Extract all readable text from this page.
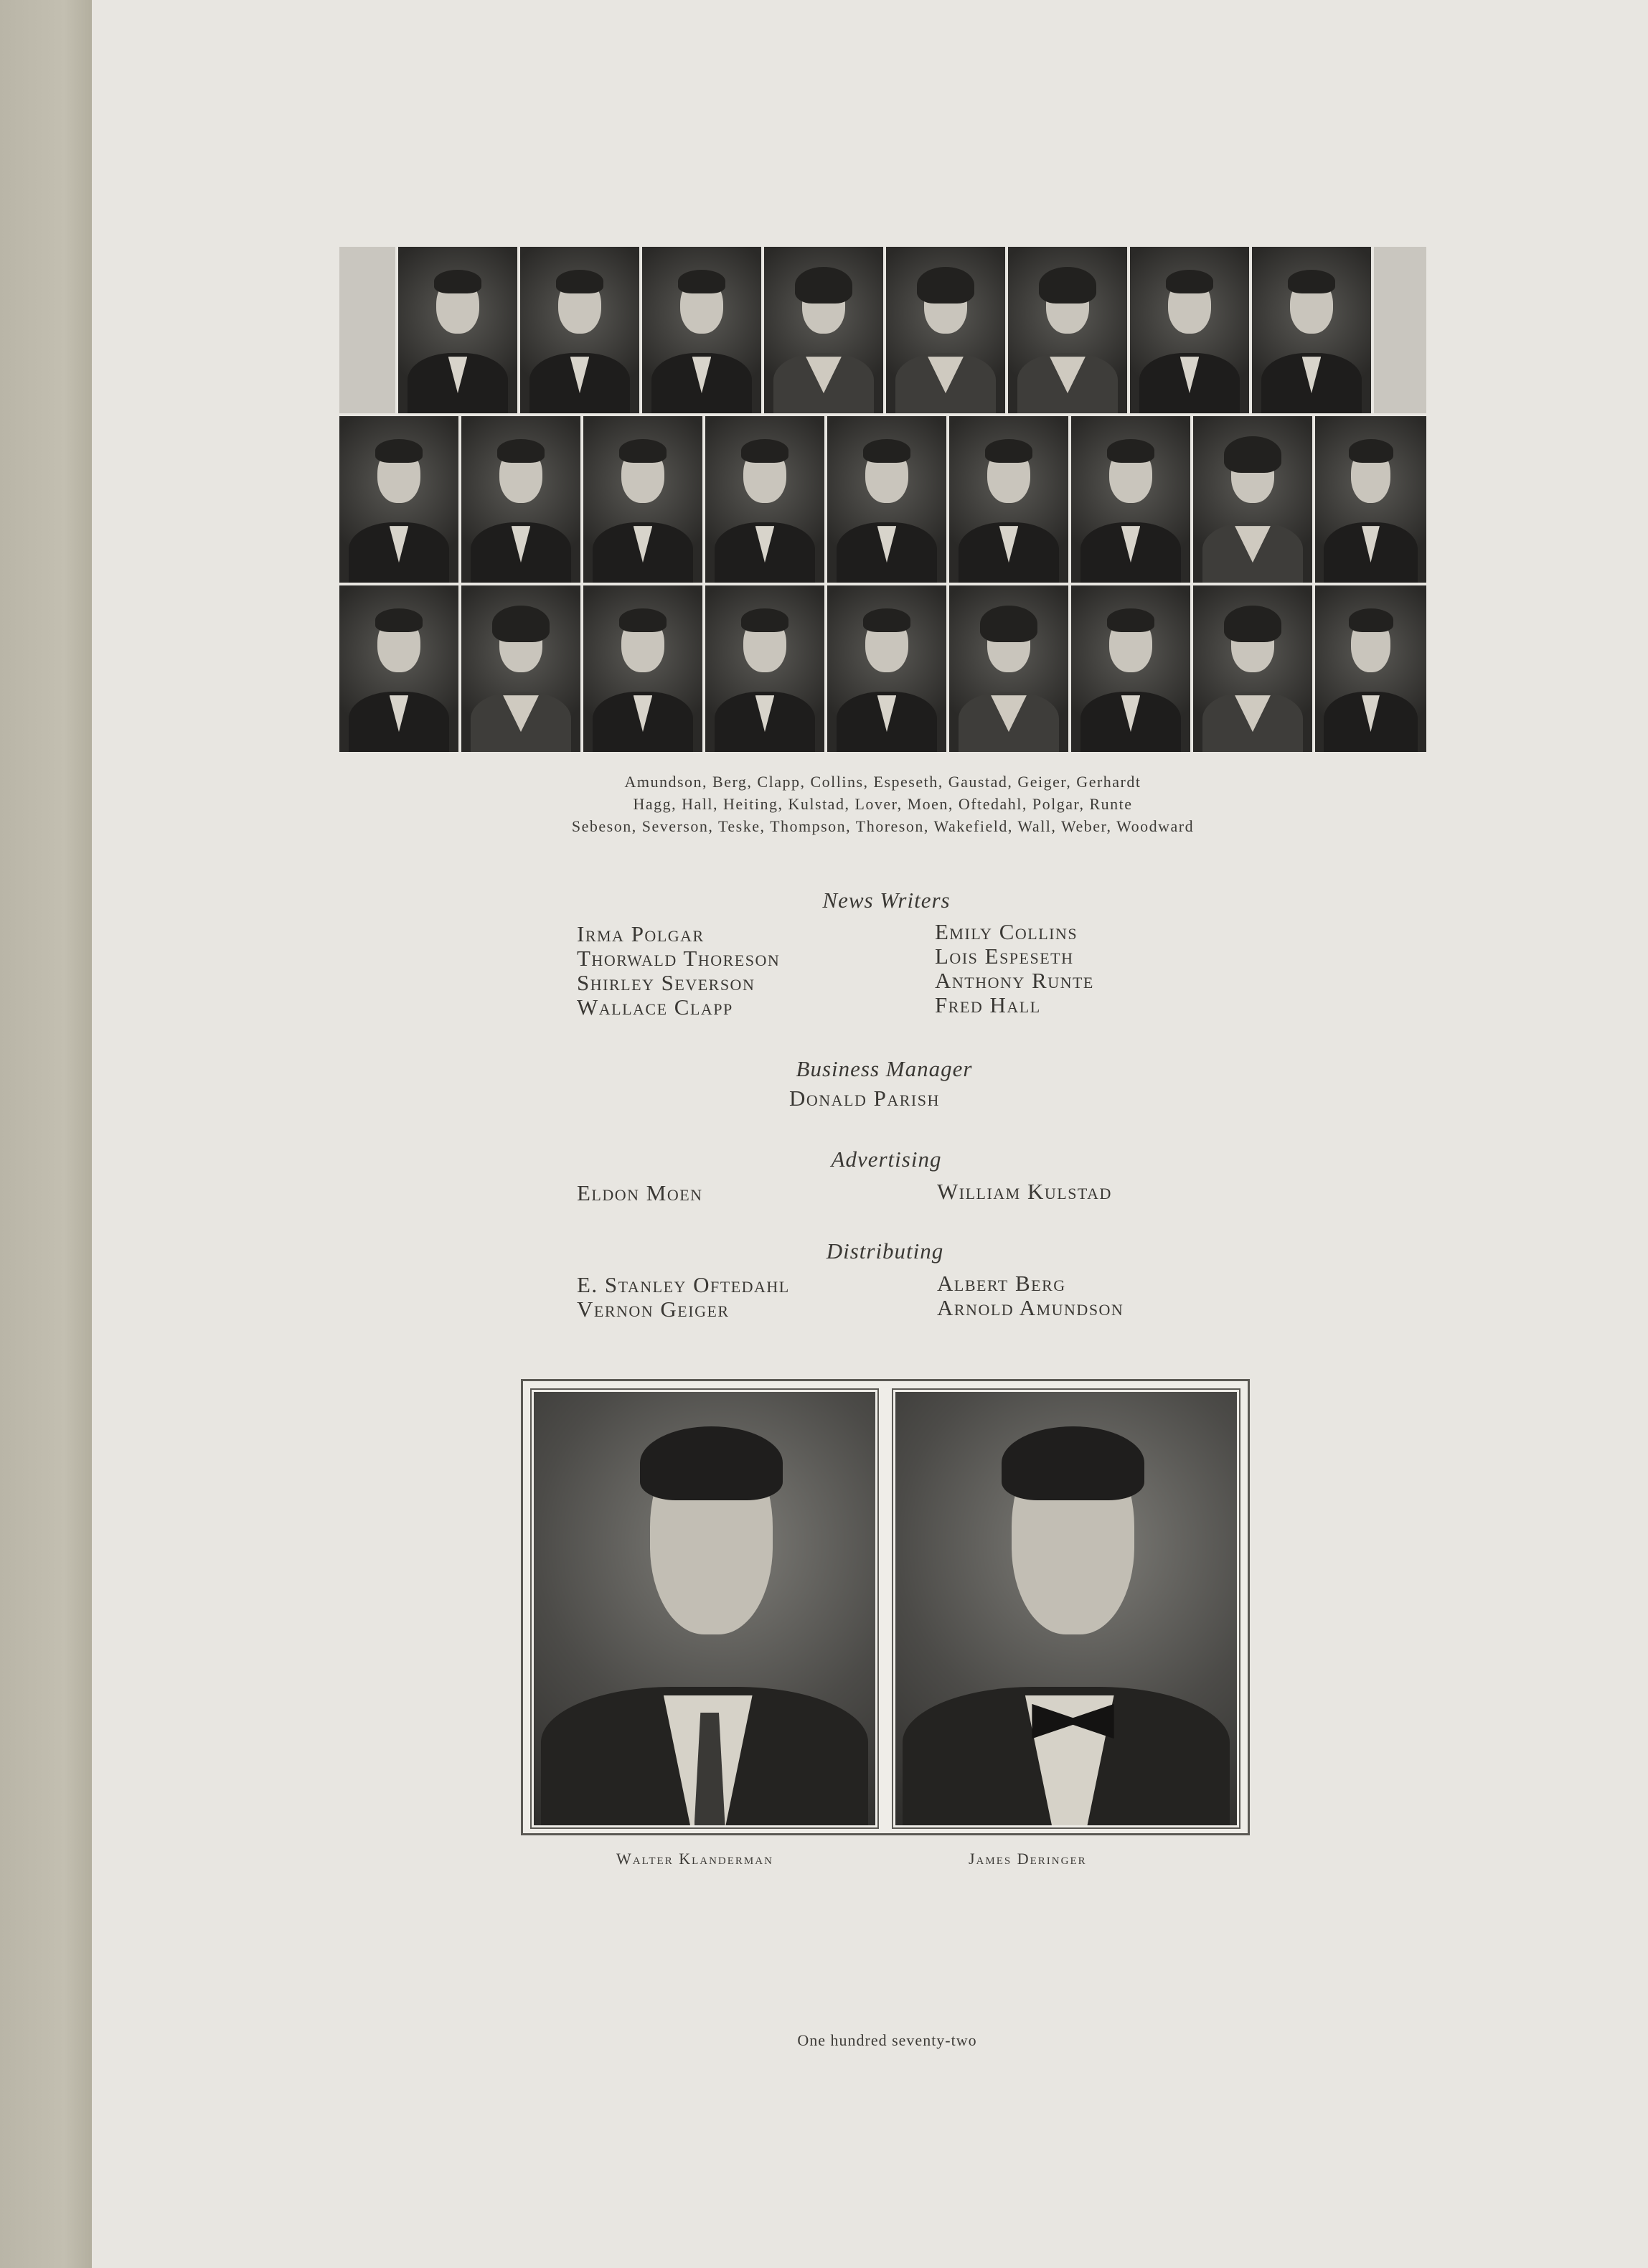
Amundson, Berg, Clapp, Collins, Espeseth, Gaustad, Geiger, Gerhardt
Hagg, Hall, Heiting, Kulstad, Lover, Moen, Oftedahl, Polgar, Runte
Sebeson, Severson, Teske, Thompson, Thoreson, Wakefield, Wall, Weber, Woodward
News Writers
Irma Polgar
Thorwald Thoreson
Shirley Severson
Wallace Clapp
Emily Collins
Lois Espeseth
Anthony Runte
Fred Hall
Business Manager
Donald Parish
Advertising
Eldon Moen	William Kulstad
Distributing
E. Stanley Oftedahl
Vernon Geiger
Albert Berg
Arnold Amundson
Walter Klanderman	James Deringer
One hundred seventy-two
